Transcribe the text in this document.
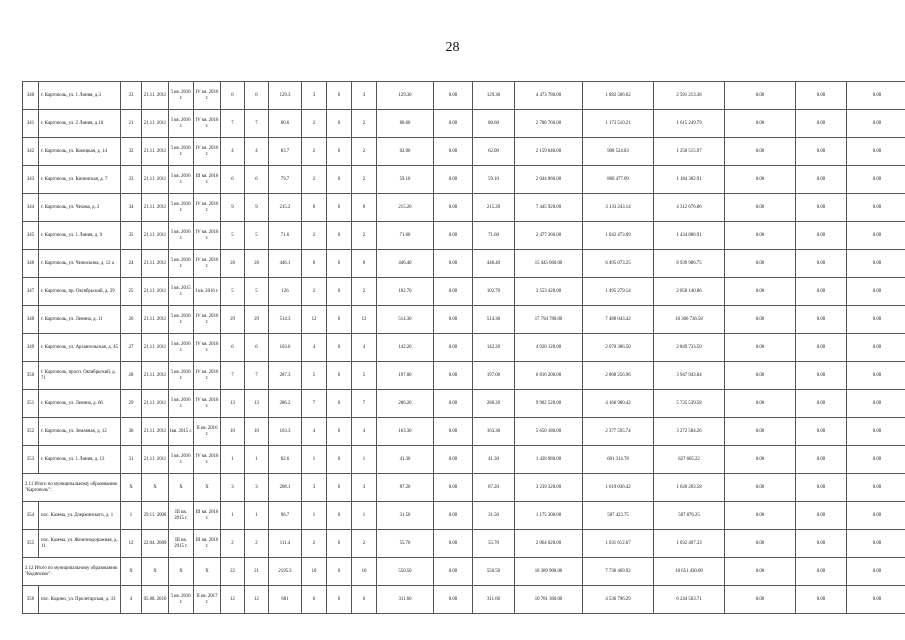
28
340	г. Каргополь, ул. 1 Линия, д.3	23	21.11. 2011	I кв. 2016 г.	IV кв. 2016 г.	6	6	129.3	3	0	3	129.30	0.00	129.30	4 473 780.00	1 882 566.62	2 591 213.38	0.00	0.00	0.00
341	г. Каргополь, ул. 2 Линия, д.10	21	21.11. 2011	I кв. 2016 г.	IV кв. 2016 г.	7	7	80.6	2	0	2	80.60	0.00	80.60	2 788 760.00	1 173 510.21	1 615 249.79	0.00	0.00	0.00
342	г. Каргополь, ул. Конецкая, д. 14	32	21.11. 2011	I кв. 2016 г.	IV кв. 2016 г.	4	4	83.7	2	0	2	62.00	0.00	62.00	2 159 040.00	908 524.03	1 250 515.97	0.00	0.00	0.00
343	г. Каргополь, ул. Кипинская, д. 7	33	21.11. 2011	I кв. 2016 г.	III кв. 2016 г.	6	6	79.7	2	0	2	59.10	0.00	59.10	2 044 860.00	860 477.09	1 184 382.91	0.00	0.00	0.00
344	г. Каргополь, ул. Чехова, д. 2	34	21.11. 2011	I кв. 2016 г.	IV кв. 2016 г.	9	9	215.2	8	0	8	215.20	0.00	215.20	7 445 920.00	3 133 243.14	4 312 676.86	0.00	0.00	0.00
345	г. Каргополь, ул. 1 Линия, д. 9	35	21.11. 2011	I кв. 2016 г.	IV кв. 2016 г.	5	5	71.6	2	0	2	71.60	0.00	71.60	2 477 360.00	1 042 473.09	1 434 886.91	0.00	0.00	0.00
346	г. Каргополь, ул. Челюскина, д. 12 а	24	21.11. 2011	I кв. 2016 г.	IV кв. 2016 г.	28	28	446.1	8	0	8	446.40	0.00	446.40	15 445 060.00	6 495 073.25	8 939 986.75	0.00	0.00	0.00
347	г. Каргополь, пр. Октябрьский, д. 39	25	21.11. 2011	I кв. 2015 г.	I кв. 2016 г.	5	5	126	2	0	2	102.70	0.00	102.70	3 553 420.00	1 495 279.14	2 058 140.86	0.00	0.00	0.00
348	г. Каргополь, ул. Ленина, д. 11	26	21.11. 2011	I кв. 2016 г.	IV кв. 2016 г.	29	29	514.3	12	0	12	514.30	0.00	514.30	17 794 780.00	7 488 043.42	10 306 736.58	0.00	0.00	0.00
349	г. Каргополь, ул. Архангельская, д. 45	27	21.11. 2011	I кв. 2016 г.	IV кв. 2016 г.	6	6	163.6	4	0	4	142.20	0.00	142.20	4 920 120.00	2 070 386.50	2 849 733.50	0.00	0.00	0.00
350	г. Каргополь, просп. Октябрьский, д. 71	28	21.11. 2011	I кв. 2016 г.	IV кв. 2016 г.	7	7	287.3	5	0	5	197.00	0.00	197.00	6 816 200.00	2 868 256.96	3 947 943.04	0.00	0.00	0.00
351	г. Каргополь, ул. Ленина, д. 66	29	21.11. 2011	I кв. 2016 г.	IV кв. 2016 г.	13	13	286.2	7	0	7	286.20	0.00	286.20	9 902 520.00	4 166 980.42	5 735 539.58	0.00	0.00	0.00
352	г. Каргополь, ул. Земляная, д. 12	30	21.11. 2011	Iкв. 2015 г.	II кв. 2016 г.	10	10	163.3	4	0	4	163.30	0.00	163.30	5 650 180.00	2 377 595.74	3 272 584.26	0.00	0.00	0.00
353	г. Каргополь, ул. 1 Линия, д. 13	31	21.11. 2011	I кв. 2016 г.	IV кв. 2016 г.	1	1	82.6	1	0	1	41.30	0.00	41.30	1 428 980.00	601 314.78	827 665.22	0.00	0.00	0.00
2.11 Итого по муниципальному образованию "Каргополь":		X	X	X	X	3	3	208.1	3	0	3	87.20	0.00	87.20	3 239 320.00	1 619 036.42	1 620 283.58	0.00	0.00	0.00
354	пос. Казема, ул. Дзержинского, д. 1	1	29.11. 2006	III кв. 2015 г.	III кв. 2016 г.	1	1	96.7	1	0	1	31.50	0.00	31.50	1 175 300.00	587 423.75	587 876.25	0.00	0.00	0.00
355	пос. Казема, ул. Железнодорожная, д. 11	12	22.04. 2009	III кв. 2015 г.	III кв. 2016 г.	2	2	111.4	2	0	2	55.70	0.00	55.70	2 064 020.00	1 031 612.67	1 032 407.33	0.00	0.00	0.00
2.12 Итого по муниципальному образованию "Кодинское":		X	X	X	X	22	21	2195.3	10	0	10	550.50	0.00	550.50	18 389 900.00	7 736 469.92	10 651 430.08	0.00	0.00	0.00
356	пос. Кодино, ул. Пролетарская, д. 33	4	05.08. 2010	I кв. 2016 г.	II кв. 2017 г.	12	12	681	6	0	6	311.60	0.00	311.60	10 781 360.00	4 536 796.29	6 244 563.71	0.00	0.00	0.00
